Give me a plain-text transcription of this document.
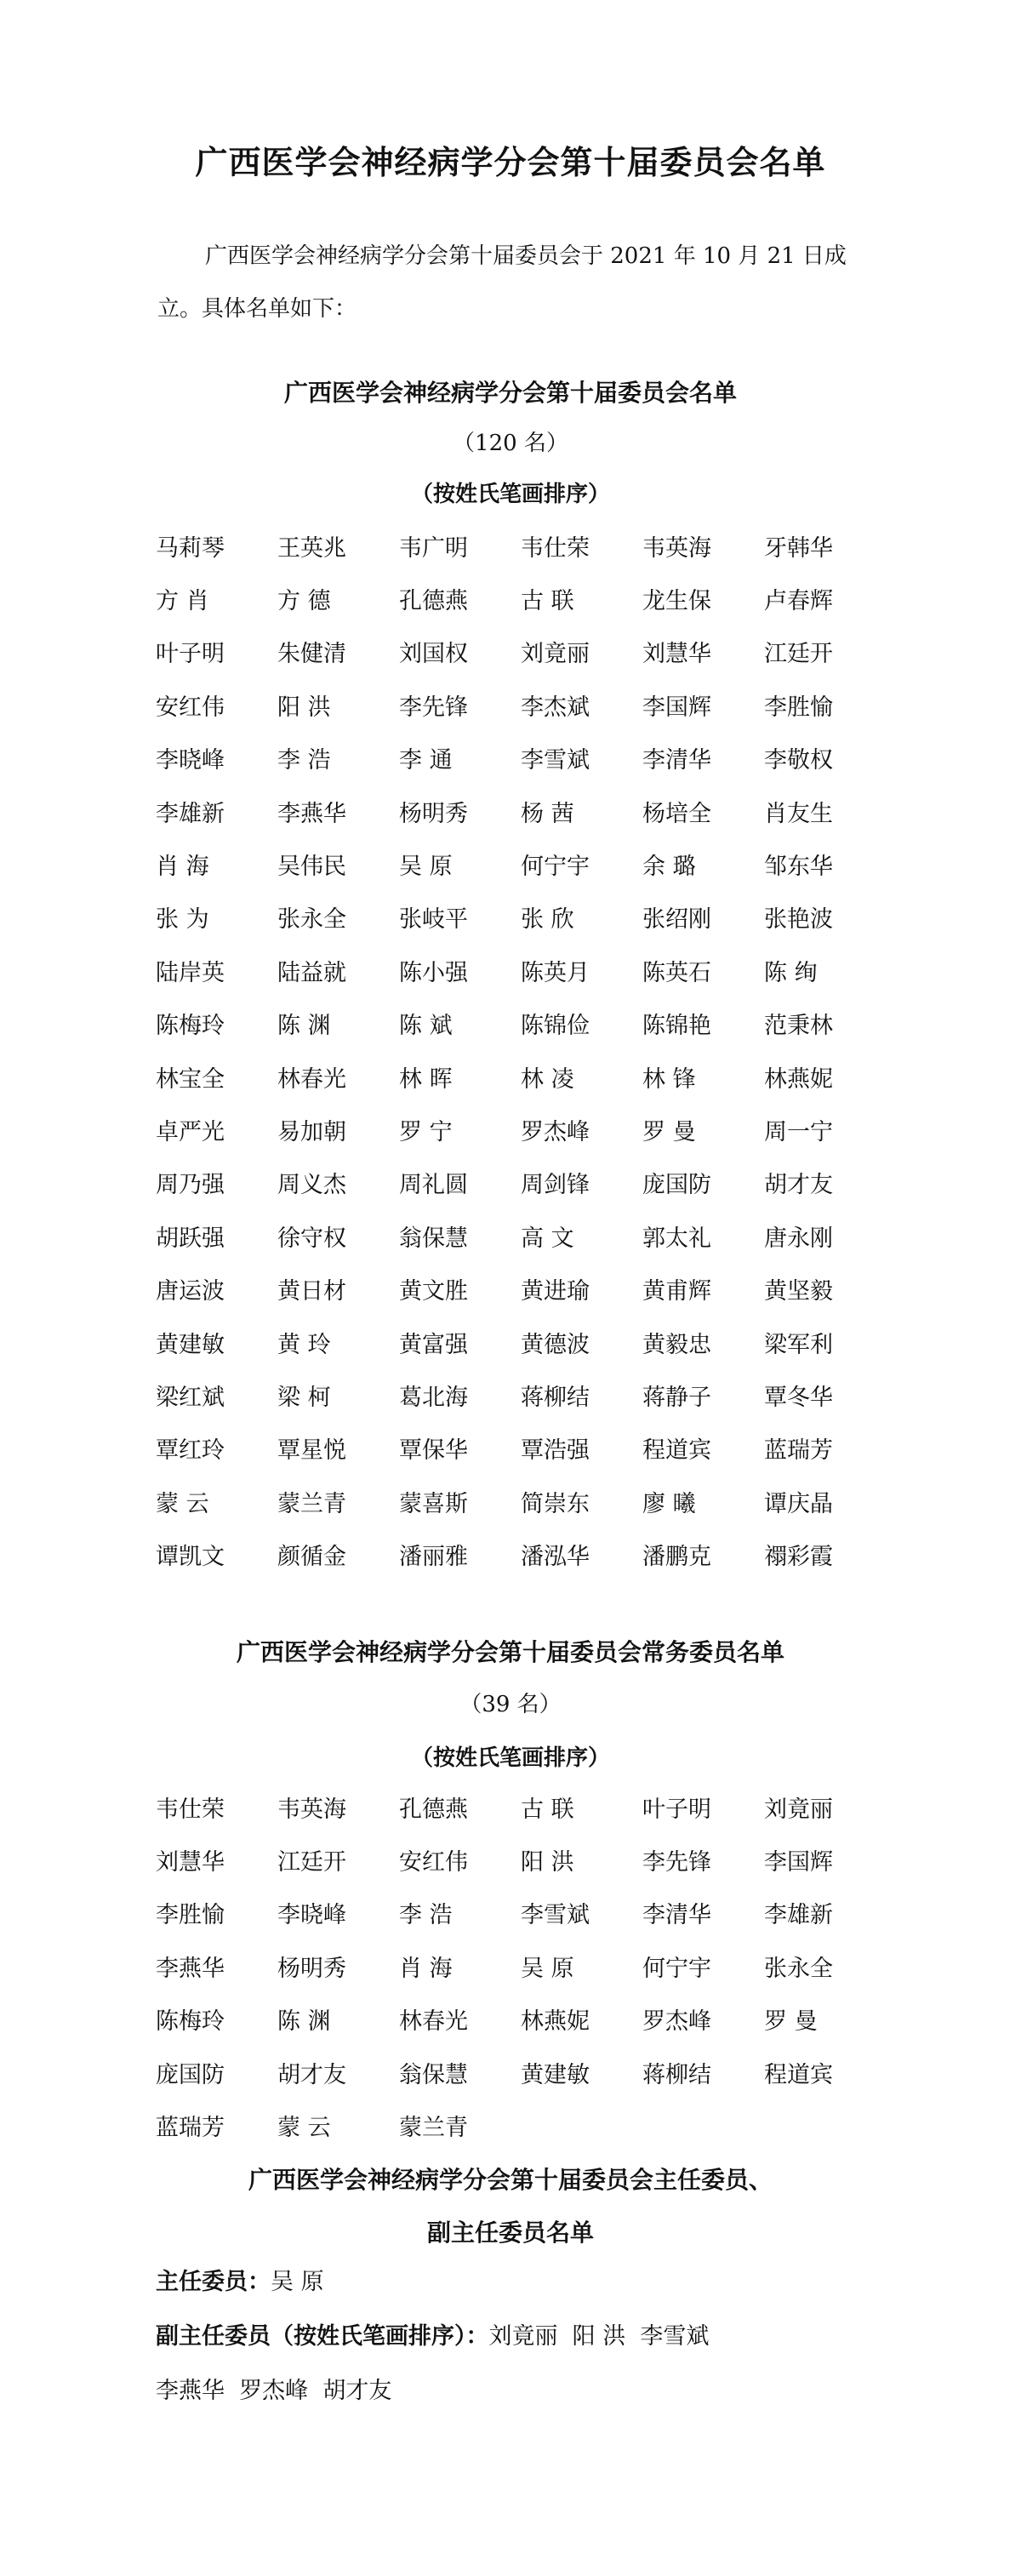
广西医学会神经病学分会第十届委员会名单
广西医学会神经病学分会第十届委员会于 2021 年 10 月 21 日成立。具体名单如下：
广西医学会神经病学分会第十届委员会名单
（120 名）
（按姓氏笔画排序）
马莉琴	王英兆	韦广明	韦仕荣	韦英海	牙韩华
方 肖	方 德	孔德燕	古 联	龙生保	卢春辉
叶子明	朱健清	刘国权	刘竟丽	刘慧华	江廷开
安红伟	阳 洪	李先锋	李杰斌	李国辉	李胜愉
李晓峰	李 浩	李 通	李雪斌	李清华	李敬权
李雄新	李燕华	杨明秀	杨 茜	杨培全	肖友生
肖 海	吴伟民	吴 原	何宁宇	余 璐	邹东华
张 为	张永全	张岐平	张 欣	张绍刚	张艳波
陆岸英	陆益就	陈小强	陈英月	陈英石	陈 绚
陈梅玲	陈 渊	陈 斌	陈锦俭	陈锦艳	范秉林
林宝全	林春光	林 晖	林 凌	林 锋	林燕妮
卓严光	易加朝	罗 宁	罗杰峰	罗 曼	周一宁
周乃强	周义杰	周礼圆	周剑锋	庞国防	胡才友
胡跃强	徐守权	翁保慧	高 文	郭太礼	唐永刚
唐运波	黄日材	黄文胜	黄进瑜	黄甫辉	黄坚毅
黄建敏	黄 玲	黄富强	黄德波	黄毅忠	梁军利
梁红斌	梁 柯	葛北海	蒋柳结	蒋静子	覃冬华
覃红玲	覃星悦	覃保华	覃浩强	程道宾	蓝瑞芳
蒙 云	蒙兰青	蒙喜斯	简崇东	廖 曦	谭庆晶
谭凯文	颜循金	潘丽雅	潘泓华	潘鹏克	禤彩霞
广西医学会神经病学分会第十届委员会常务委员名单
（39 名）
（按姓氏笔画排序）
韦仕荣	韦英海	孔德燕	古 联	叶子明	刘竟丽
刘慧华	江廷开	安红伟	阳 洪	李先锋	李国辉
李胜愉	李晓峰	李 浩	李雪斌	李清华	李雄新
李燕华	杨明秀	肖 海	吴 原	何宁宇	张永全
陈梅玲	陈 渊	林春光	林燕妮	罗杰峰	罗 曼
庞国防	胡才友	翁保慧	黄建敏	蒋柳结	程道宾
蓝瑞芳	蒙 云	蒙兰青
广西医学会神经病学分会第十届委员会主任委员、
副主任委员名单
主任委员：吴 原
副主任委员（按姓氏笔画排序）：刘竟丽  阳 洪  李雪斌
李燕华  罗杰峰  胡才友
